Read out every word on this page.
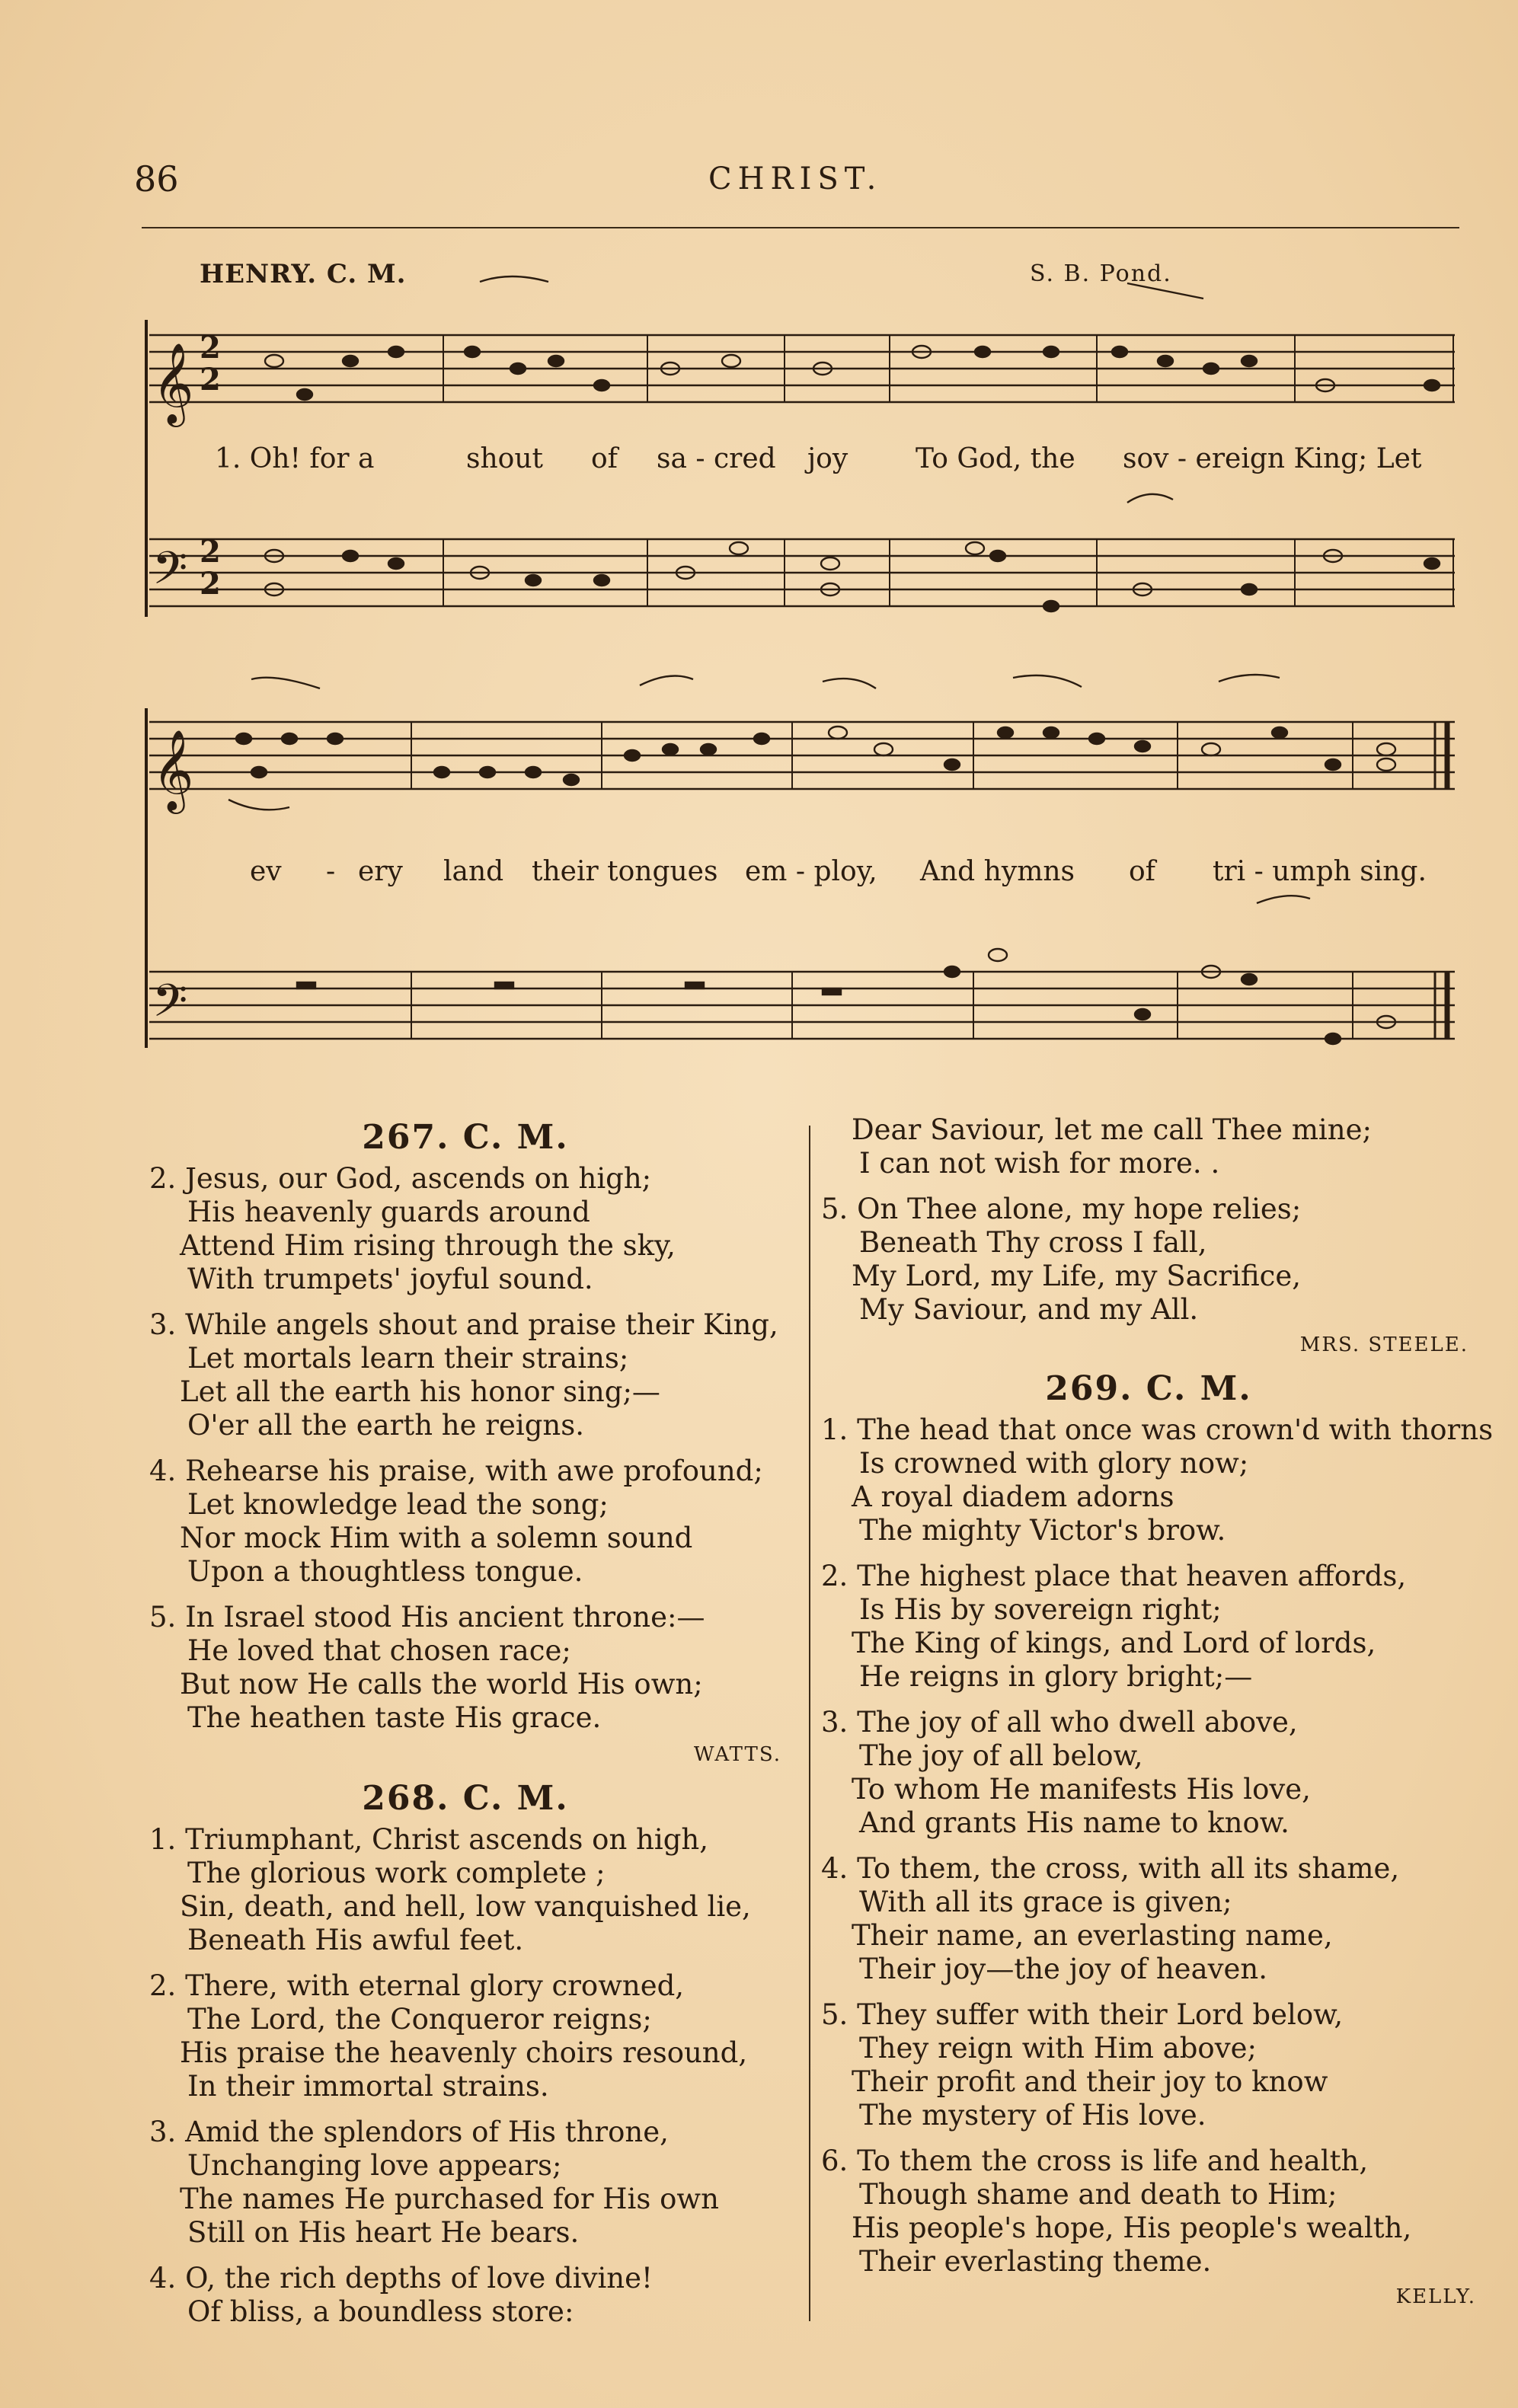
86	CHRIST.
HENRY. C. M.	S. B. Pond.
𝄞 2
2
𝄢 2
2
𝄞
𝄢
1. Oh! for a	shout of sa - cred joy To God, the sov - ereign King; Let
ev - ery land their tongues em - ploy, And hymns of tri - umph sing.
267. C. M.
2. Jesus, our God, ascends on high;
His heavenly guards around
Attend Him rising through the sky,
With trumpets' joyful sound.
3. While angels shout and praise their King,
Let mortals learn their strains;
Let all the earth his honor sing;—
O'er all the earth he reigns.
4. Rehearse his praise, with awe profound;
Let knowledge lead the song;
Nor mock Him with a solemn sound
Upon a thoughtless tongue.
5. In Israel stood His ancient throne:—
He loved that chosen race;
But now He calls the world His own;
The heathen taste His grace.
WATTS.
268. C. M.
1. Triumphant, Christ ascends on high,
The glorious work complete ;
Sin, death, and hell, low vanquished lie,
Beneath His awful feet.
2. There, with eternal glory crowned,
The Lord, the Conqueror reigns;
His praise the heavenly choirs resound,
In their immortal strains.
3. Amid the splendors of His throne,
Unchanging love appears;
The names He purchased for His own
Still on His heart He bears.
4. O, the rich depths of love divine!
Of bliss, a boundless store:
Dear Saviour, let me call Thee mine;
I can not wish for more. .
5. On Thee alone, my hope relies;
Beneath Thy cross I fall,
My Lord, my Life, my Sacrifice,
My Saviour, and my All.
MRS. STEELE.
269. C. M.
1. The head that once was crown'd with thorns
Is crowned with glory now;
A royal diadem adorns
The mighty Victor's brow.
2. The highest place that heaven affords,
Is His by sovereign right;
The King of kings, and Lord of lords,
He reigns in glory bright;—
3. The joy of all who dwell above,
The joy of all below,
To whom He manifests His love,
And grants His name to know.
4. To them, the cross, with all its shame,
With all its grace is given;
Their name, an everlasting name,
Their joy—the joy of heaven.
5. They suffer with their Lord below,
They reign with Him above;
Their profit and their joy to know
The mystery of His love.
6. To them the cross is life and health,
Though shame and death to Him;
His people's hope, His people's wealth,
Their everlasting theme.
KELLY.
